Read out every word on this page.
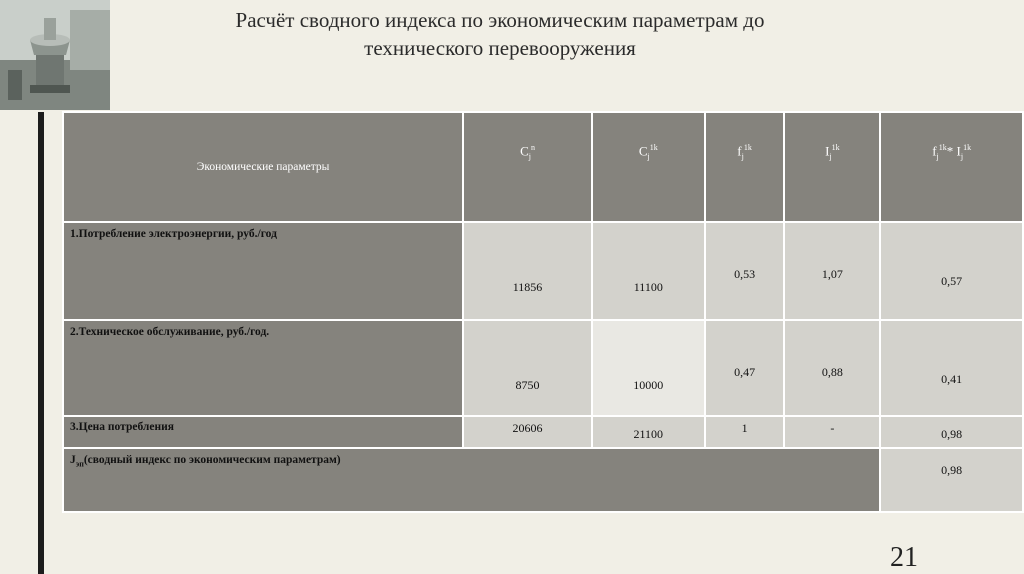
Расчёт сводного индекса по экономическим параметрам до
технического перевооружения
Экономические параметры	$C_j^n$	$C_j^{1k}$	$f_j^{1k}$	$I_j^{1k}$	$f_j^{1k}*$ $I_j^{1k}$
1.Потребление электроэнергии, руб./год	11856	11100	0,53	1,07	0,57
2.Техническое обслуживание, руб./год.	8750	10000	0,47	0,88	0,41
3.Цена потребления	20606	21100	1	-	0,98
$J_{эп}(сводный$ индекс по экономическим параметрам)					0,98
21
